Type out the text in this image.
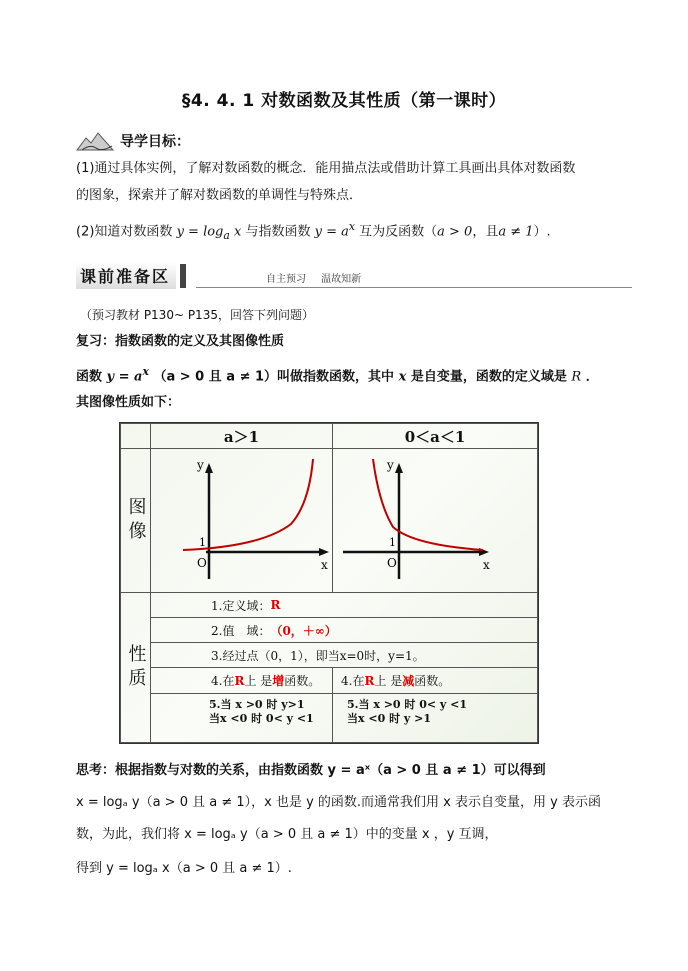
§4. 4. 1 对数函数及其性质（第一课时）
导学目标：
(1)通过具体实例，了解对数函数的概念．能用描点法或借助计算工具画出具体对数函数
的图象，探索并了解对数函数的单调性与特殊点．
(2)知道对数函数 $y = \log_a x$ 与指数函数 $y = a^x$ 互为反函数（a > 0，且a ≠ 1）.
课前准备区	自主预习 温故知新
（预习教材 P130~ P135，回答下列问题）
复习：指数函数的定义及其图像性质
函数 $y = a^x$ （a > 0 且 a ≠ 1）叫做指数函数，其中 x 是自变量，函数的定义域是 R ．
其图像性质如下：
a＞1	0＜a＜1
图像
y
x
O
1
y
x
O
1
性质
1.定义域： R
2.值　域： （0，＋∞）
3.经过点（0，1），即当x=0时，y=1。
4.在 R 上 是 增 函数。 4.在 R 上 是 减 函数。
5.当 x >0 时 y>1
当x <0 时 0< y <1
5.当 x >0 时 0< y <1
当x <0 时 y >1
思考：根据指数与对数的关系，由指数函数 y = aˣ（a > 0 且 a ≠ 1）可以得到
x = logₐ y（a > 0 且 a ≠ 1），x 也是 y 的函数.而通常我们用 x 表示自变量，用 y 表示函
数，为此，我们将 x = logₐ y（a > 0 且 a ≠ 1）中的变量 x ，y 互调，
得到 y = logₐ x（a > 0 且 a ≠ 1）.
